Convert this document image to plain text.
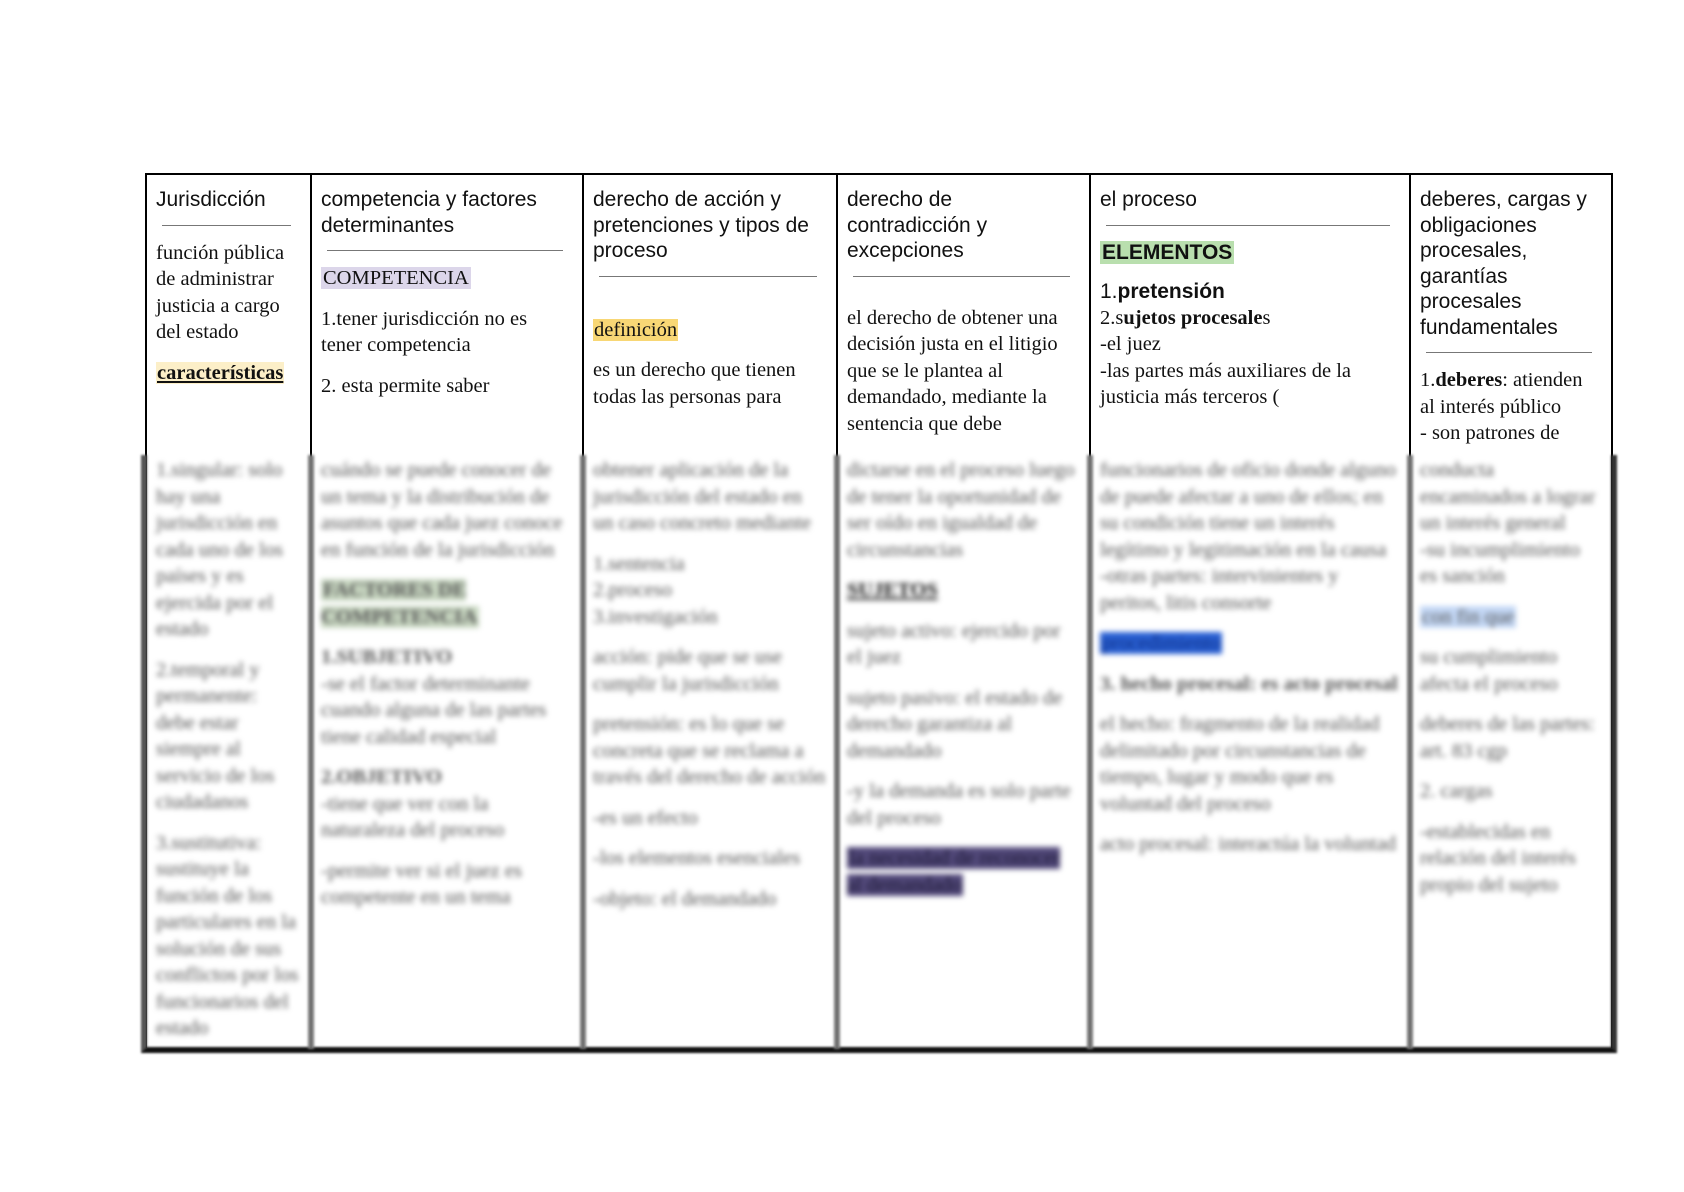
Jurisdicción

función pública de administrar justicia a cargo del estado

características

1.singular: solo hay una jurisdicción en cada uno de los países y es ejercida por el estado

2.temporal y permanente: debe estar siempre al servicio de los ciudadanos

3.sustitutiva: sustituye la función de los particulares en la solución de sus conflictos por los funcionarios del estado

competencia y factores determinantes

COMPETENCIA

1.tener jurisdicción no es tener competencia

2. esta permite saber

cuándo se puede conocer de un tema y la distribución de asuntos que cada juez conoce en función de la jurisdicción

FACTORES DE COMPETENCIA

1.SUBJETIVO

-se el factor determinante cuando alguna de las partes tiene calidad especial

2.OBJETIVO

-tiene que ver con la naturaleza del proceso

-permite ver si el juez es competente en un tema

derecho de acción y pretenciones y tipos de proceso

definición

es un derecho que tienen todas las personas para

obtener aplicación de la jurisdicción del estado en un caso concreto mediante

1.sentencia

2.proceso

3.investigación

acción: pide que se use cumplir la jurisdicción

pretensión: es lo que se concreta que se reclama a través del derecho de acción

-es un efecto

-los elementos esenciales

-objeto: el demandado

derecho de contradicción y excepciones

el derecho de obtener una decisión justa en el litigio que se le plantea al demandado, mediante la sentencia que debe

dictarse en el proceso luego de tener la oportunidad de ser oído en igualdad de circunstancias

SUJETOS

sujeto activo: ejercido por el juez

sujeto pasivo: el estado de derecho garantiza al demandado

-y la demanda es solo parte del proceso

la necesidad de reconocer al demandado

el proceso
ELEMENTOS
1.pretensión

2.sujetos procesales

-el juez

-las partes más auxiliares de la justicia más terceros (

funcionarios de oficio donde alguno de puede afectar a uno de ellos; en su condición tiene un interés legítimo y legitimación en la causa

-otras partes: intervinientes y peritos, litis consorte

procedimiento

3. hecho procesal: es acto procesal

el hecho: fragmento de la realidad delimitado por circunstancias de tiempo, lugar y modo que es voluntad del proceso

acto procesal: interactúa la voluntad

deberes, cargas y obligaciones procesales, garantías procesales fundamentales

1.deberes: atienden al interés público

- son patrones de

conducta encaminados a lograr un interés general

-su incumplimiento es sanción

con fin que

su cumplimiento afecta el proceso

deberes de las partes: art. 83 cgp

2. cargas

-establecidas en relación del interés propio del sujeto
